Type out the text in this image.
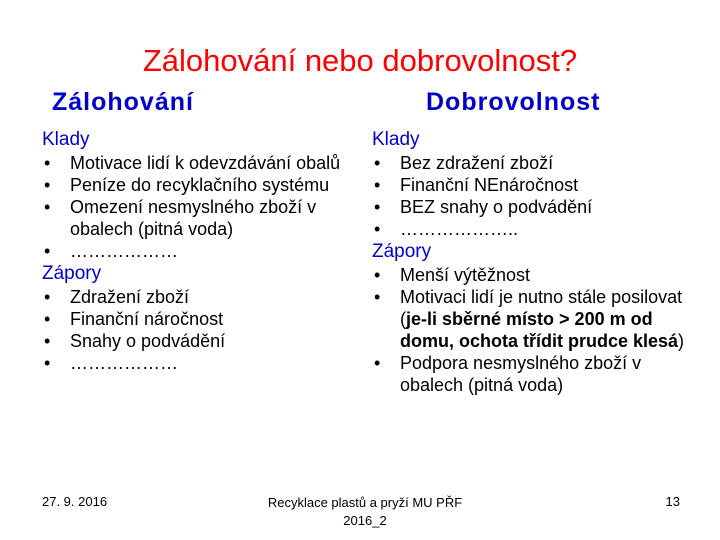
Zálohování nebo dobrovolnost?
Zálohování	Dobrovolnost
Klady
• Motivace lidí k odevzdávání obalů
• Peníze do recyklačního systému
• Omezení nesmyslného zboží v obalech (pitná voda)
• ………………
Zápory
• Zdražení zboží
• Finanční náročnost
• Snahy o podvádění
• ………………
Klady
• Bez zdražení zboží
• Finanční NEnáročnost
• BEZ snahy o podvádění
• ………………..
Zápory
• Menší výtěžnost
• Motivaci lidí je nutno stále posilovat (je-li sběrné místo > 200 m od domu, ochota třídit prudce klesá)
• Podpora nesmyslného zboží v obalech (pitná voda)
27. 9. 2016	Recyklace plastů a pryží MU PŘF 2016_2
13
